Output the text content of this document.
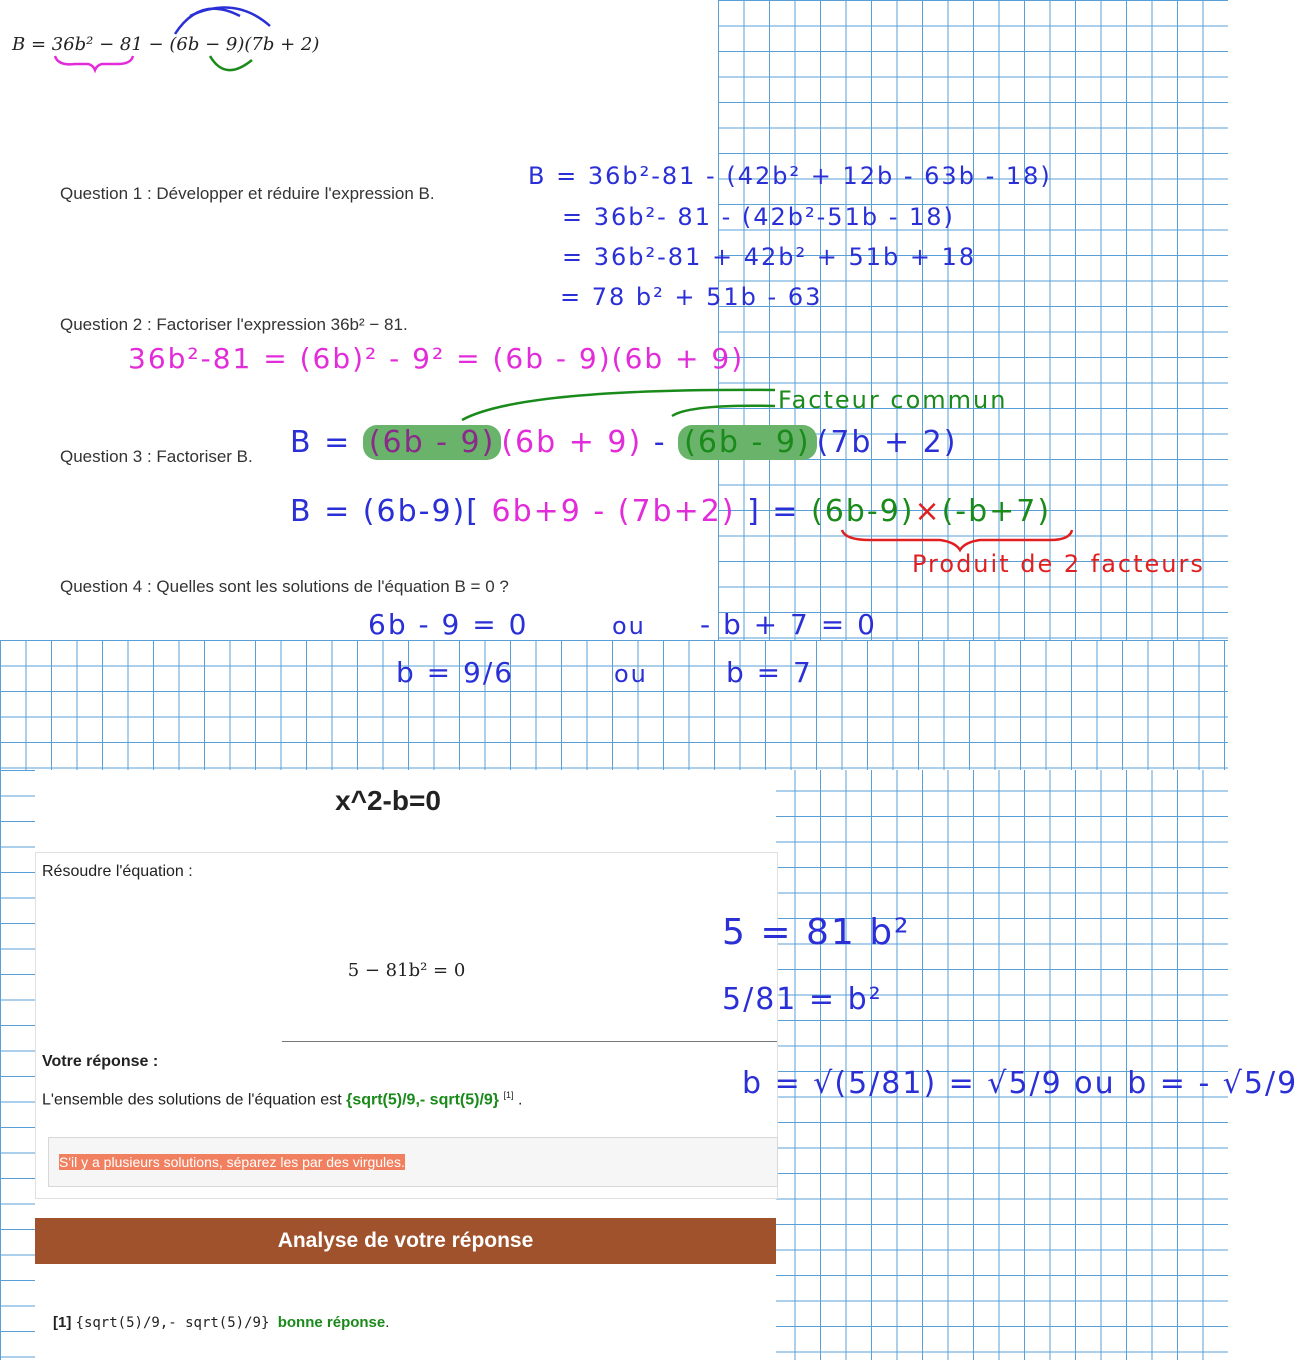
B = 36b² − 81 − (6b − 9)(7b + 2)
Question 1 : Développer et réduire l'expression B.
Question 2 : Factoriser l'expression 36b² − 81.
Question 3 : Factoriser B.
Question 4 : Quelles sont les solutions de l'équation B = 0 ?
B = 36b²-81 - (42b² + 12b - 63b - 18)
= 36b²- 81 - (42b²-51b - 18)
= 36b²-81 + 42b² + 51b + 18
= 78 b² + 51b - 63
36b²-81 = (6b)² - 9² = (6b - 9)(6b + 9)
B = (6b - 9) (6b + 9) - (6b - 9) (7b + 2)
Facteur commun
B = (6b-9)[ 6b+9 - (7b+2) ] = (6b-9)×(-b+7)
Produit de 2 facteurs
6b - 9 = 0	ou - b + 7 = 0
b = 9/6	ou	b = 7
x^2-b=0
Résoudre l'équation :
5 − 81b² = 0
Votre réponse :
L'ensemble des solutions de l'équation est {sqrt(5)/9,- sqrt(5)/9} [1] .
S'il y a plusieurs solutions, séparez les par des virgules.
Analyse de votre réponse
[1] {sqrt(5)/9,- sqrt(5)/9} bonne réponse.
5 = 81 b²
5/81 = b²
b = √(5/81) = √5/9 ou b = - √5/9
